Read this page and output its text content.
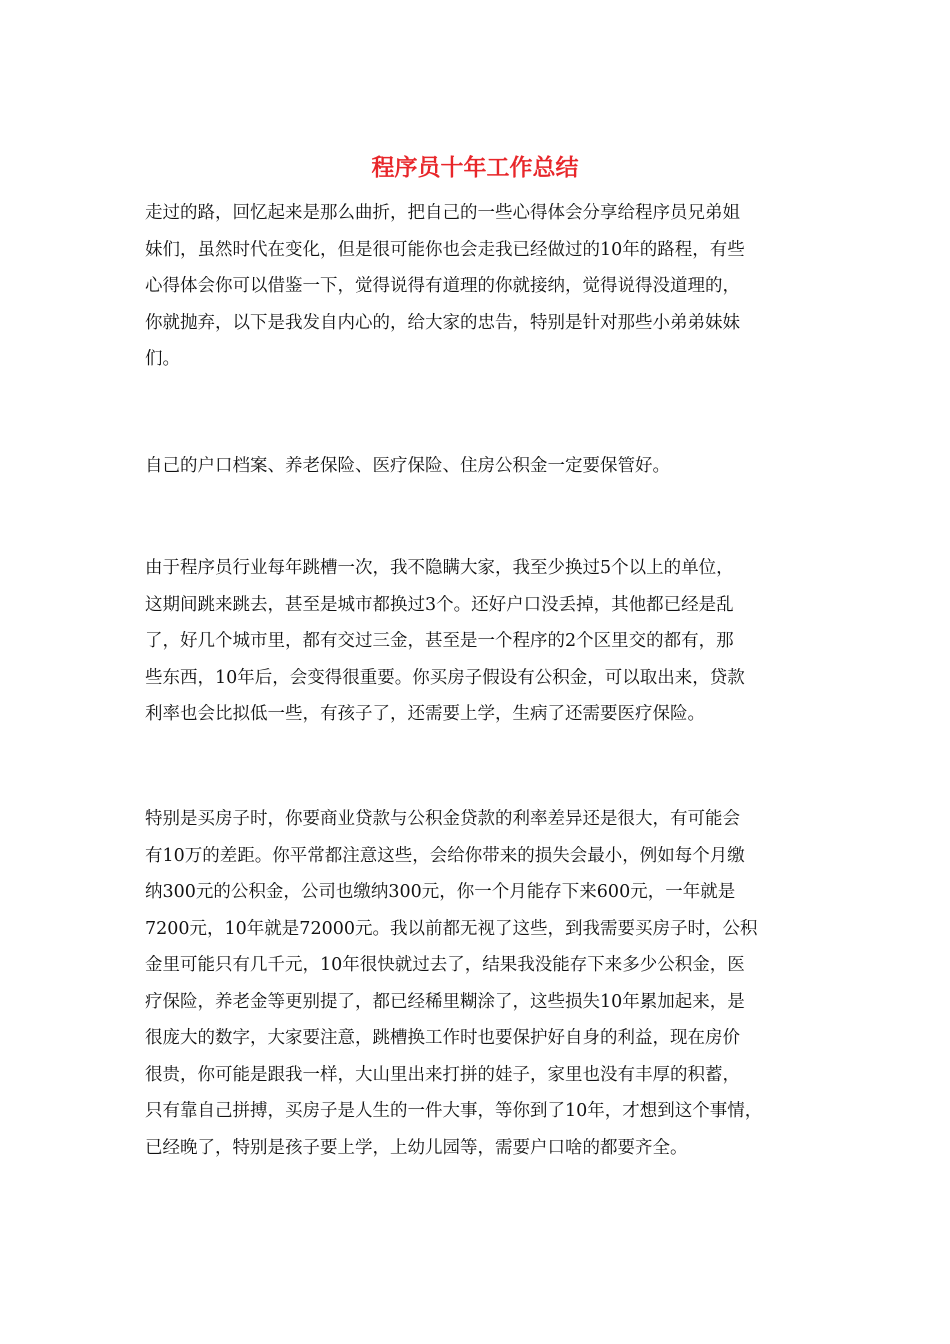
程序员十年工作总结

走过的路，回忆起来是那么曲折，把自己的一些心得体会分享给程序员兄弟姐
妹们，虽然时代在变化，但是很可能你也会走我已经做过的10年的路程，有些
心得体会你可以借鉴一下，觉得说得有道理的你就接纳，觉得说得没道理的，
你就抛弃，以下是我发自内心的，给大家的忠告，特别是针对那些小弟弟妹妹
们。

自己的户口档案、养老保险、医疗保险、住房公积金一定要保管好。

由于程序员行业每年跳槽一次，我不隐瞒大家，我至少换过5个以上的单位，
这期间跳来跳去，甚至是城市都换过3个。还好户口没丢掉，其他都已经是乱
了，好几个城市里，都有交过三金，甚至是一个程序的2个区里交的都有，那
些东西，10年后，会变得很重要。你买房子假设有公积金，可以取出来，贷款
利率也会比拟低一些，有孩子了，还需要上学，生病了还需要医疗保险。

特别是买房子时，你要商业贷款与公积金贷款的利率差异还是很大，有可能会
有10万的差距。你平常都注意这些，会给你带来的损失会最小，例如每个月缴
纳300元的公积金，公司也缴纳300元，你一个月能存下来600元，一年就是
7200元，10年就是72000元。我以前都无视了这些，到我需要买房子时，公积
金里可能只有几千元，10年很快就过去了，结果我没能存下来多少公积金，医
疗保险，养老金等更别提了，都已经稀里糊涂了，这些损失10年累加起来，是
很庞大的数字，大家要注意，跳槽换工作时也要保护好自身的利益，现在房价
很贵，你可能是跟我一样，大山里出来打拼的娃子，家里也没有丰厚的积蓄，
只有靠自己拼搏，买房子是人生的一件大事，等你到了10年，才想到这个事情，
已经晚了，特别是孩子要上学，上幼儿园等，需要户口啥的都要齐全。
